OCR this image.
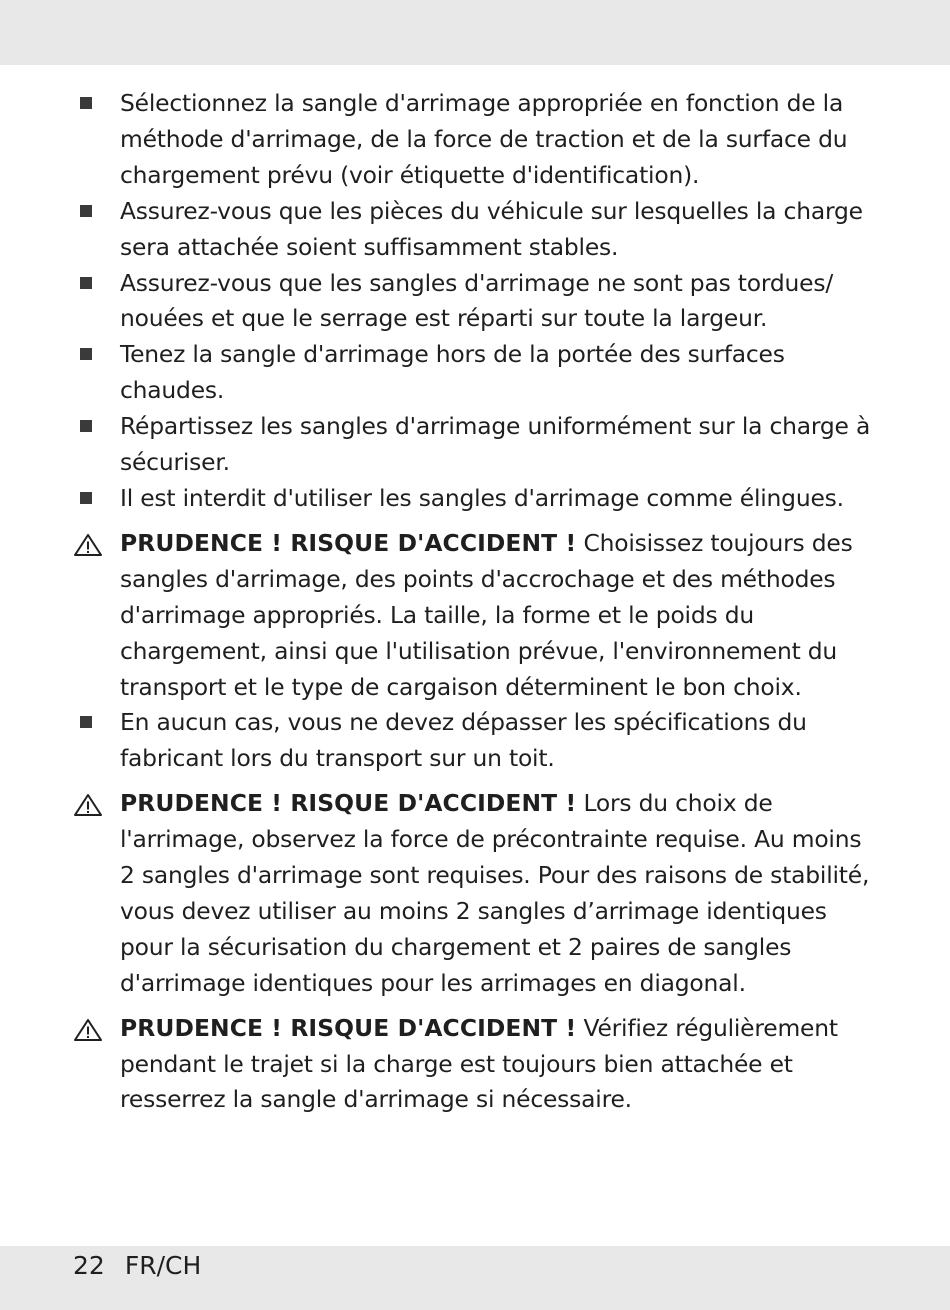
Sélectionnez la sangle d'arrimage appropriée en fonction de la méthode d'arrimage, de la force de traction et de la surface du chargement prévu (voir étiquette d'identification).

Assurez-vous que les pièces du véhicule sur lesquelles la charge sera attachée soient suffisamment stables.

Assurez-vous que les sangles d'arrimage ne sont pas tordues/ nouées et que le serrage est réparti sur toute la largeur.

Tenez la sangle d'arrimage hors de la portée des surfaces chaudes.

Répartissez les sangles d'arrimage uniformément sur la charge à sécuriser.

Il est interdit d'utiliser les sangles d'arrimage comme élingues.

PRUDENCE ! RISQUE D'ACCIDENT ! Choisissez toujours des sangles d'arrimage, des points d'accrochage et des méthodes d'arrimage appropriés. La taille, la forme et le poids du chargement, ainsi que l'utilisation prévue, l'environnement du transport et le type de cargaison déterminent le bon choix.

En aucun cas, vous ne devez dépasser les spécifications du fabricant lors du transport sur un toit.

PRUDENCE ! RISQUE D'ACCIDENT ! Lors du choix de l'arrimage, observez la force de précontrainte requise. Au moins 2 sangles d'arrimage sont requises. Pour des raisons de stabilité, vous devez utiliser au moins 2 sangles d’arrimage identiques pour la sécurisation du chargement et 2 paires de sangles d'arrimage identiques pour les arrimages en diagonal.

PRUDENCE ! RISQUE D'ACCIDENT ! Vérifiez régulièrement pendant le trajet si la charge est toujours bien attachée et resserrez la sangle d'arrimage si nécessaire.

22 FR/CH
